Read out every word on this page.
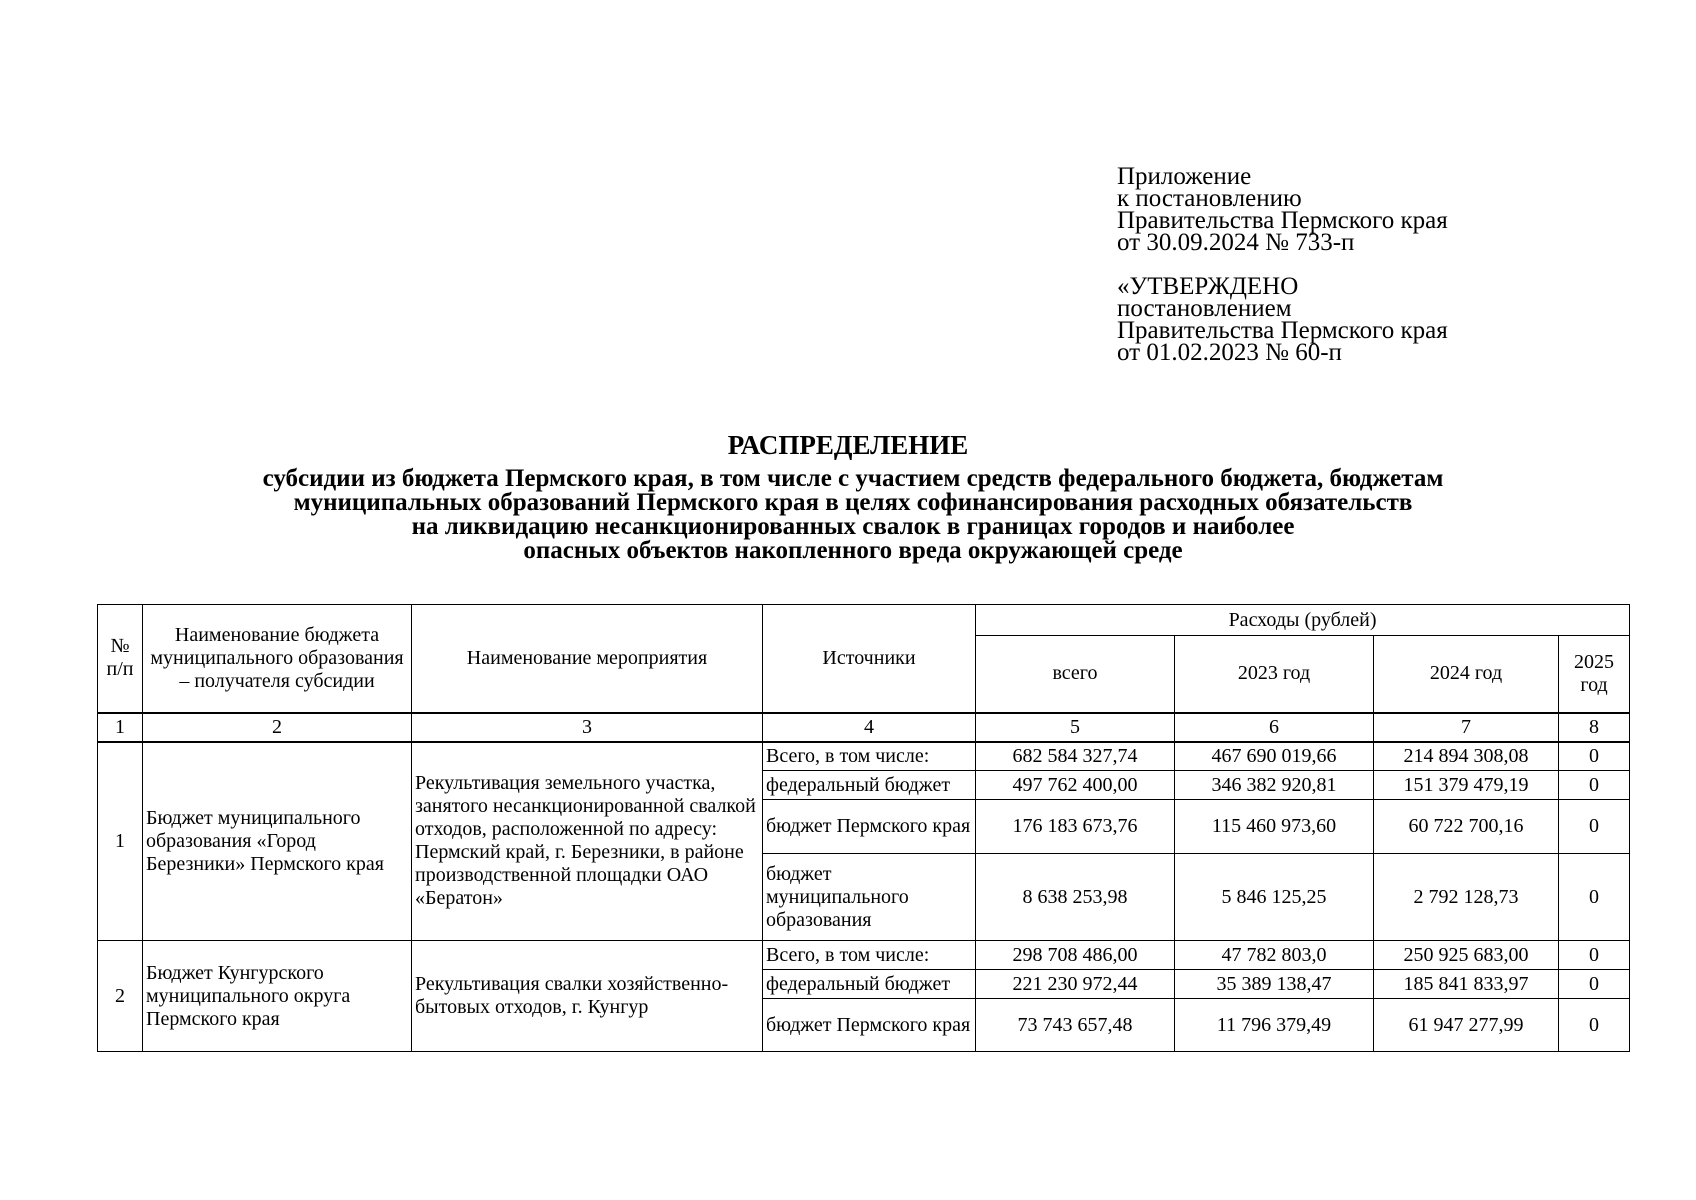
Приложение
к постановлению
Правительства Пермского края
от 30.09.2024 № 733-п
«УТВЕРЖДЕНО
постановлением
Правительства Пермского края
от 01.02.2023 № 60-п
РАСПРЕДЕЛЕНИЕ
субсидии из бюджета Пермского края, в том числе с участием средств федерального бюджета, бюджетам
муниципальных образований Пермского края в целях софинансирования расходных обязательств
на ликвидацию несанкционированных свалок в границах городов и наиболее
опасных объектов накопленного вреда окружающей среде
№ п/п	Наименование бюджета муниципального образования – получателя субсидии	Наименование мероприятия	Источники	Расходы (рублей)			
				всего	2023 год	2024 год	2025 год
1	2	3	4	5	6	7	8
1	Бюджет муниципального образования «Город Березники» Пермского края	Рекультивация земельного участка, занятого несанкционированной свалкой отходов, расположенной по адресу: Пермский край, г. Березники, в районе производственной площадки ОАО «Бератон»	Всего, в том числе:	682 584 327,74	467 690 019,66	214 894 308,08	0
			федеральный бюджет	497 762 400,00	346 382 920,81	151 379 479,19	0
			бюджет Пермского края	176 183 673,76	115 460 973,60	60 722 700,16	0
			бюджет муниципального образования	8 638 253,98	5 846 125,25	2 792 128,73	0
2	Бюджет Кунгурского муниципального округа Пермского края	Рекультивация свалки хозяйственно-бытовых отходов, г. Кунгур	Всего, в том числе:	298 708 486,00	47 782 803,0	250 925 683,00	0
			федеральный бюджет	221 230 972,44	35 389 138,47	185 841 833,97	0
			бюджет Пермского края	73 743 657,48	11 796 379,49	61 947 277,99	0
